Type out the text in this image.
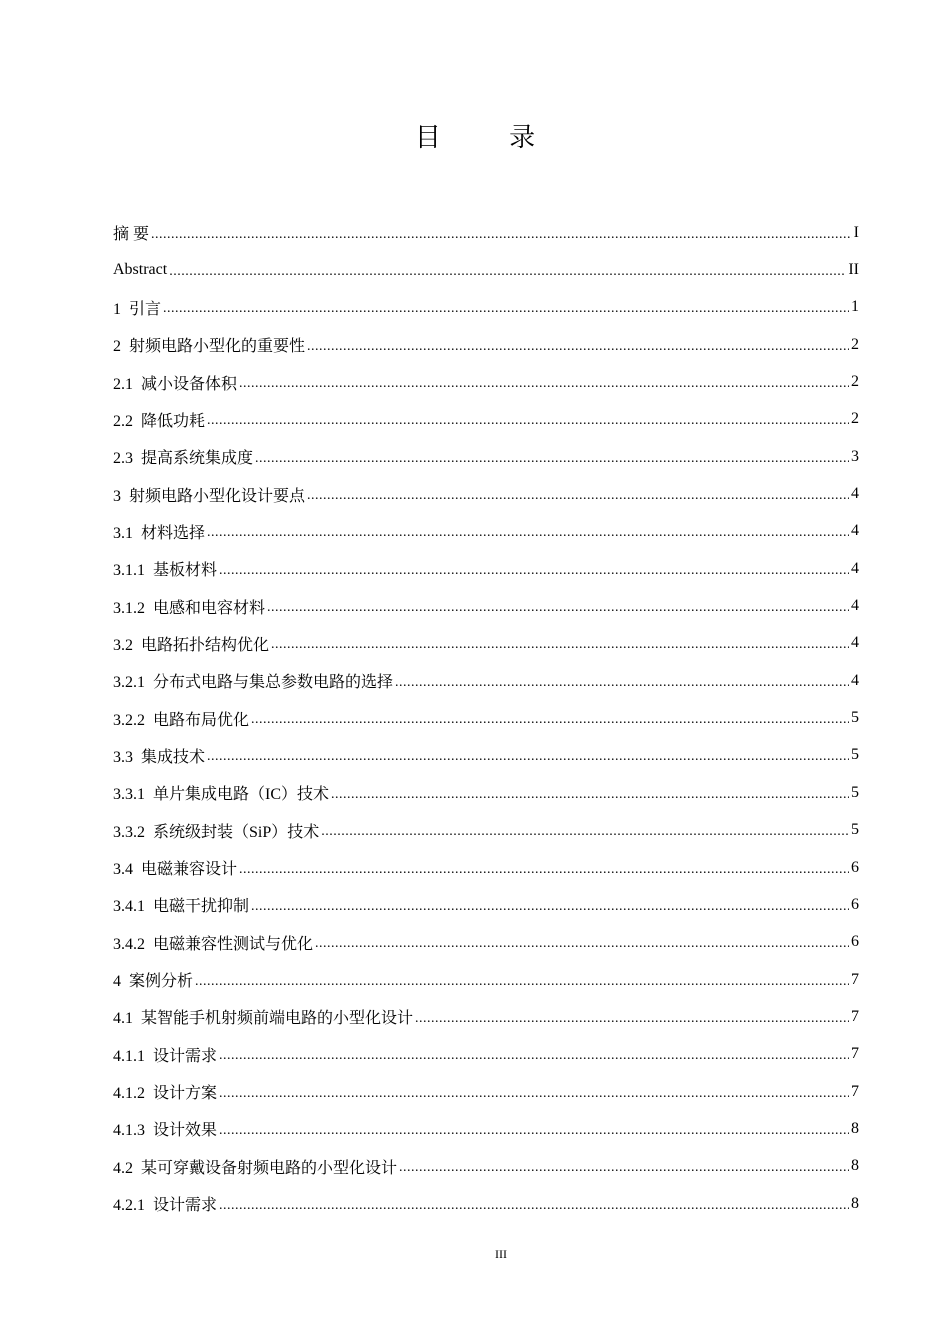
目 录
摘 要 .....	I
Abstract .....	II
1 引言 .....	1
2 射频电路小型化的重要性 .....	2
2.1 减小设备体积 .....	2
2.2 降低功耗 .....	2
2.3 提高系统集成度 .....	3
3 射频电路小型化设计要点 .....	4
3.1 材料选择 .....	4
3.1.1 基板材料 .....	4
3.1.2 电感和电容材料 .....	4
3.2 电路拓扑结构优化 .....	4
3.2.1 分布式电路与集总参数电路的选择 .....	4
3.2.2 电路布局优化 .....	5
3.3 集成技术 .....	5
3.3.1 单片集成电路（IC）技术 .....	5
3.3.2 系统级封装（SiP）技术 .....	5
3.4 电磁兼容设计 .....	6
3.4.1 电磁干扰抑制 .....	6
3.4.2 电磁兼容性测试与优化 .....	6
4 案例分析 .....	7
4.1 某智能手机射频前端电路的小型化设计 .....	7
4.1.1 设计需求 .....	7
4.1.2 设计方案 .....	7
4.1.3 设计效果 .....	8
4.2 某可穿戴设备射频电路的小型化设计 .....	8
4.2.1 设计需求 .....	8
III
